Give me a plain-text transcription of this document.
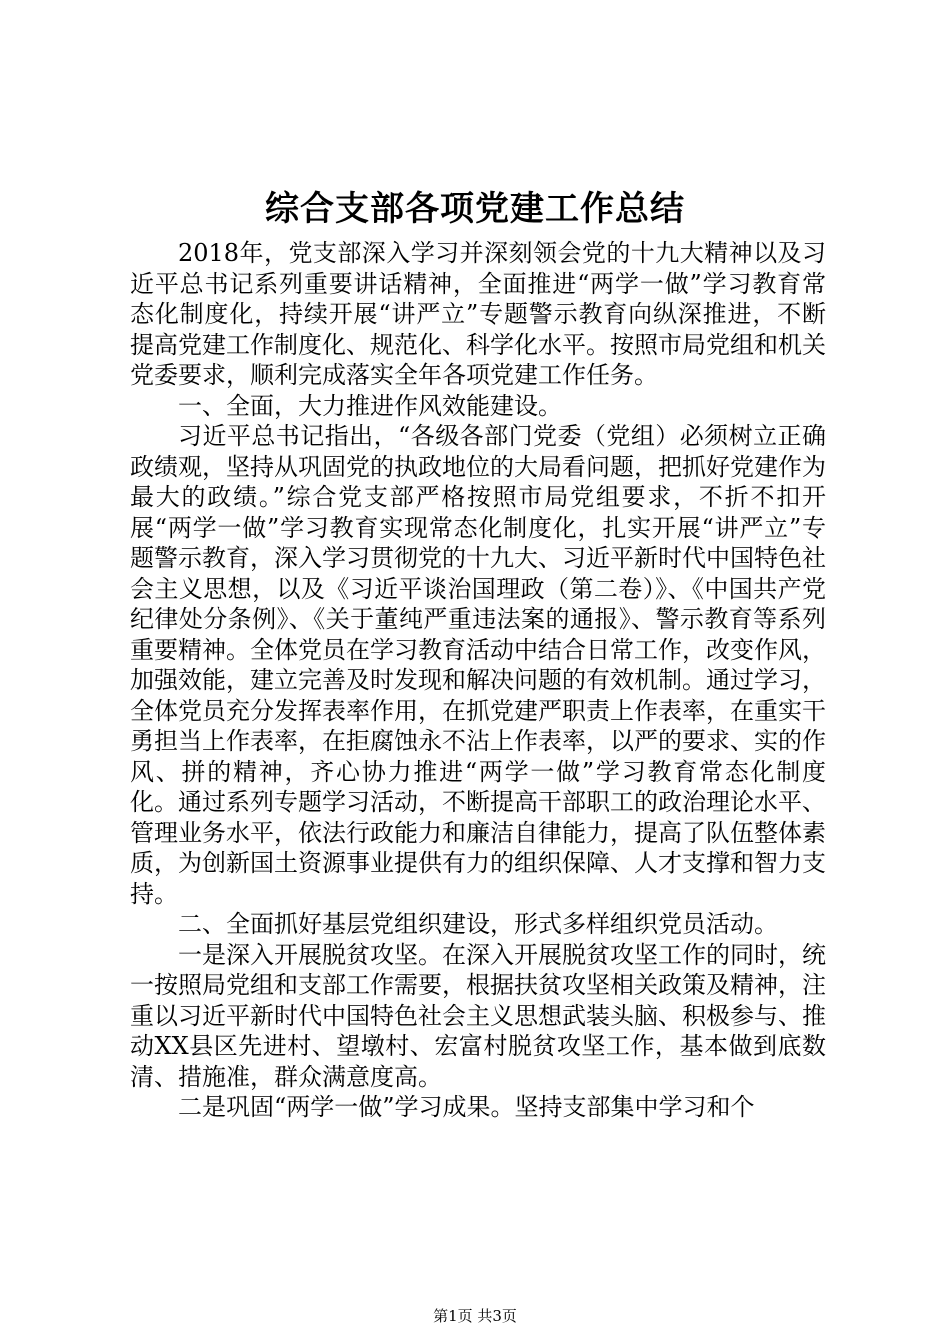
综合支部各项党建工作总结

2018年，党支部深入学习并深刻领会党的十九大精神以及习近平总书记系列重要讲话精神，全面推进“两学一做”学习教育常态化制度化，持续开展“讲严立”专题警示教育向纵深推进，不断提高党建工作制度化、规范化、科学化水平。按照市局党组和机关党委要求，顺利完成落实全年各项党建工作任务。

一、全面，大力推进作风效能建设。

习近平总书记指出，“各级各部门党委（党组）必须树立正确政绩观，坚持从巩固党的执政地位的大局看问题，把抓好党建作为最大的政绩。”综合党支部严格按照市局党组要求，不折不扣开展“两学一做”学习教育实现常态化制度化，扎实开展“讲严立”专题警示教育，深入学习贯彻党的十九大、习近平新时代中国特色社会主义思想，以及《习近平谈治国理政（第二卷）》、《中国共产党纪律处分条例》、《关于董纯严重违法案的通报》、警示教育等系列重要精神。全体党员在学习教育活动中结合日常工作，改变作风，加强效能，建立完善及时发现和解决问题的有效机制。通过学习，全体党员充分发挥表率作用，在抓党建严职责上作表率，在重实干勇担当上作表率，在拒腐蚀永不沾上作表率，以严的要求、实的作风、拼的精神，齐心协力推进“两学一做”学习教育常态化制度化。通过系列专题学习活动，不断提高干部职工的政治理论水平、管理业务水平，依法行政能力和廉洁自律能力，提高了队伍整体素质，为创新国土资源事业提供有力的组织保障、人才支撑和智力支持。

二、全面抓好基层党组织建设，形式多样组织党员活动。

一是深入开展脱贫攻坚。在深入开展脱贫攻坚工作的同时，统一按照局党组和支部工作需要，根据扶贫攻坚相关政策及精神，注重以习近平新时代中国特色社会主义思想武装头脑、积极参与、推动XX县区先进村、望墩村、宏富村脱贫攻坚工作，基本做到底数清、措施准，群众满意度高。

二是巩固“两学一做”学习成果。坚持支部集中学习和个

第1页 共3页
